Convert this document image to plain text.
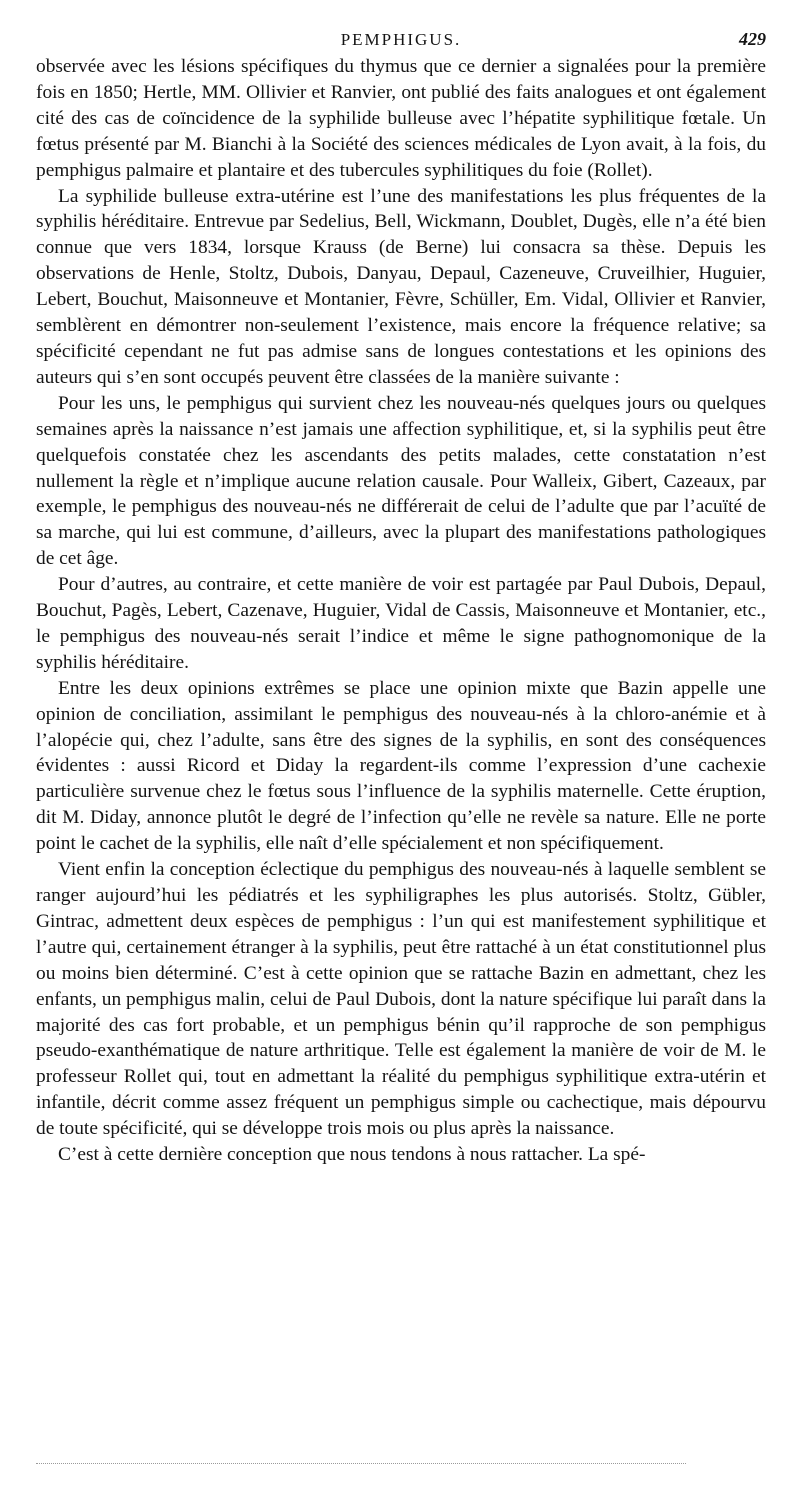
PEMPHIGUS.	429

observée avec les lésions spécifiques du thymus que ce dernier a signalées pour la première fois en 1850; Hertle, MM. Ollivier et Ranvier, ont publié des faits analogues et ont également cité des cas de coïncidence de la syphilide bulleuse avec l’hépatite syphilitique fœtale. Un fœtus présenté par M. Bianchi à la Société des sciences médicales de Lyon avait, à la fois, du pemphigus palmaire et plantaire et des tubercules syphilitiques du foie (Rollet).

La syphilide bulleuse extra-utérine est l’une des manifestations les plus fréquentes de la syphilis héréditaire. Entrevue par Sedelius, Bell, Wickmann, Doublet, Dugès, elle n’a été bien connue que vers 1834, lorsque Krauss (de Berne) lui consacra sa thèse. Depuis les observations de Henle, Stoltz, Dubois, Danyau, Depaul, Cazeneuve, Cruveilhier, Huguier, Lebert, Bouchut, Maisonneuve et Montanier, Fèvre, Schüller, Em. Vidal, Ollivier et Ranvier, semblèrent en démontrer non-seulement l’existence, mais encore la fréquence relative; sa spécificité cependant ne fut pas admise sans de longues contestations et les opinions des auteurs qui s’en sont occupés peuvent être classées de la manière suivante :

Pour les uns, le pemphigus qui survient chez les nouveau-nés quelques jours ou quelques semaines après la naissance n’est jamais une affection syphilitique, et, si la syphilis peut être quelquefois constatée chez les ascendants des petits malades, cette constatation n’est nullement la règle et n’implique aucune relation causale. Pour Walleix, Gibert, Cazeaux, par exemple, le pemphigus des nouveau-nés ne différerait de celui de l’adulte que par l’acuïté de sa marche, qui lui est commune, d’ailleurs, avec la plupart des manifestations pathologiques de cet âge.

Pour d’autres, au contraire, et cette manière de voir est partagée par Paul Dubois, Depaul, Bouchut, Pagès, Lebert, Cazenave, Huguier, Vidal de Cassis, Maisonneuve et Montanier, etc., le pemphigus des nouveau-nés serait l’indice et même le signe pathognomonique de la syphilis héréditaire.

Entre les deux opinions extrêmes se place une opinion mixte que Bazin appelle une opinion de conciliation, assimilant le pemphigus des nouveau-nés à la chloro-anémie et à l’alopécie qui, chez l’adulte, sans être des signes de la syphilis, en sont des conséquences évidentes : aussi Ricord et Diday la regardent-ils comme l’expression d’une cachexie particulière survenue chez le fœtus sous l’influence de la syphilis maternelle. Cette éruption, dit M. Diday, annonce plutôt le degré de l’infection qu’elle ne revèle sa nature. Elle ne porte point le cachet de la syphilis, elle naît d’elle spécialement et non spécifiquement.

Vient enfin la conception éclectique du pemphigus des nouveau-nés à laquelle semblent se ranger aujourd’hui les pédiatrés et les syphiligraphes les plus autorisés. Stoltz, Gübler, Gintrac, admettent deux espèces de pemphigus : l’un qui est manifestement syphilitique et l’autre qui, certainement étranger à la syphilis, peut être rattaché à un état constitutionnel plus ou moins bien déterminé. C’est à cette opinion que se rattache Bazin en admettant, chez les enfants, un pemphigus malin, celui de Paul Dubois, dont la nature spécifique lui paraît dans la majorité des cas fort probable, et un pemphigus bénin qu’il rapproche de son pemphigus pseudo-exanthématique de nature arthritique. Telle est également la manière de voir de M. le professeur Rollet qui, tout en admettant la réalité du pemphigus syphilitique extra-utérin et infantile, décrit comme assez fréquent un pemphigus simple ou cachectique, mais dépourvu de toute spécificité, qui se développe trois mois ou plus après la naissance.

C’est à cette dernière conception que nous tendons à nous rattacher. La spé-
